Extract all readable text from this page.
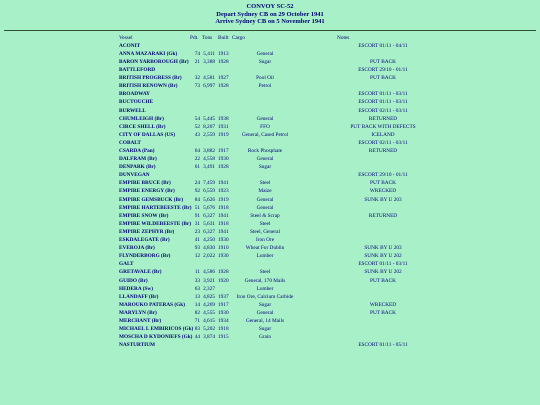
CONVOY SC-52
Depart Sydney CB on 29 October 1941
Arrive Sydney CB on 5 November 1941
Vessel	Pdt. Tons Built Cargo	Notes
ACONIT	ESCORT 01/11 - 04/11
ANNA MAZARAKI (Gk)	74 5,411 1913	General
BARON YARBOROUGH (Br)	21 3,388 1928	Sugar	PUT BACK
BATTLEFORD	ESCORT 29/10 - 01/11
BRITISH PROGRESS (Br)	32 4,581 1927	Pool Oil	PUT BACK
BRITISH RENOWN (Br)	73 6,997 1928	Petrol
BROADWAY	ESCORT 01/11 - 03/11
BUCTOUCHE	ESCORT 01/11 - 03/11
BURWELL	ESCORT 02/11 - 03/11
CHUMLEIGH (Br)	54 5,445 1938	General	RETURNED
CIRCE SHELL (Br)	52 8,207 1931	FFO	PUT BACK WITH DEFECTS
CITY OF DALLAS (US)	43 2,559 1919	General, Cased Petrol	ICELAND
COBALT	ESCORT 02/11 - 03/11
CSARDA (Pan)	64 3,882 1917	Rock Phosphate	RETURNED
DALFRAM (Br)	22 4,558 1930	General
DENPARK (Br)	61 3,491 1928	Sugar
DUNVEGAN	ESCORT 29/10 - 01/11
EMPIRE BRUCE (Br)	24 7,459 1941	Steel	PUT BACK
EMPIRE ENERGY (Br)	92 6,559 1923	Maize	WRECKED
EMPIRE GEMSBUCK (Br)	84 5,626 1919	General	SUNK BY U 203
EMPIRE HARTEBEESTE (Br) 51 5,676 1918	General
EMPIRE SNOW (Br)	91 6,327 1941	Steel & Scrap	RETURNED
EMPIRE WILDEBEESTE (Br) 31 5,631 1918	Steel
EMPIRE ZEPHYR (Br)	23 6,327 1941	Steel, General
ESKDALEGATE (Br)	41 4,250 1930	Iron Ore
EVEROJA (Br)	93 4,830 1910	Wheat For Dublin	SUNK BY U 203
FLYNDERBORG (Br)	12 2,022 1930	Lumber	SUNK BY U 202
GALT	ESCORT 01/11 - 03/11
GRETAVALE (Br)	11 4,586 1928	Steel	SUNK BY U 202
GUIDO (Br)	33 3,921 1920	General, 170 Mails	PUT BACK
HEDERA (Sw)	63 2,327	Lumber
LLANDAFF (Br)	13 4,825 1937	Iron Ore, Calcium Carbide
MAROUKO PATERAS (Gk)	14 4,269 1917	Sugar	WRECKED
MARYLYN (Br)	82 4,555 1930	General	PUT BACK
MERCHANT (Br)	71 4,615 1934	General, 14 Mails
MICHAEL L EMBIRICOS (Gk) 83 5,202 1918	Sugar
MOSCHA D KYDONIEFS (Gk) 44 3,874 1915	Grain
NASTURTIUM	ESCORT 01/11 - 05/11
